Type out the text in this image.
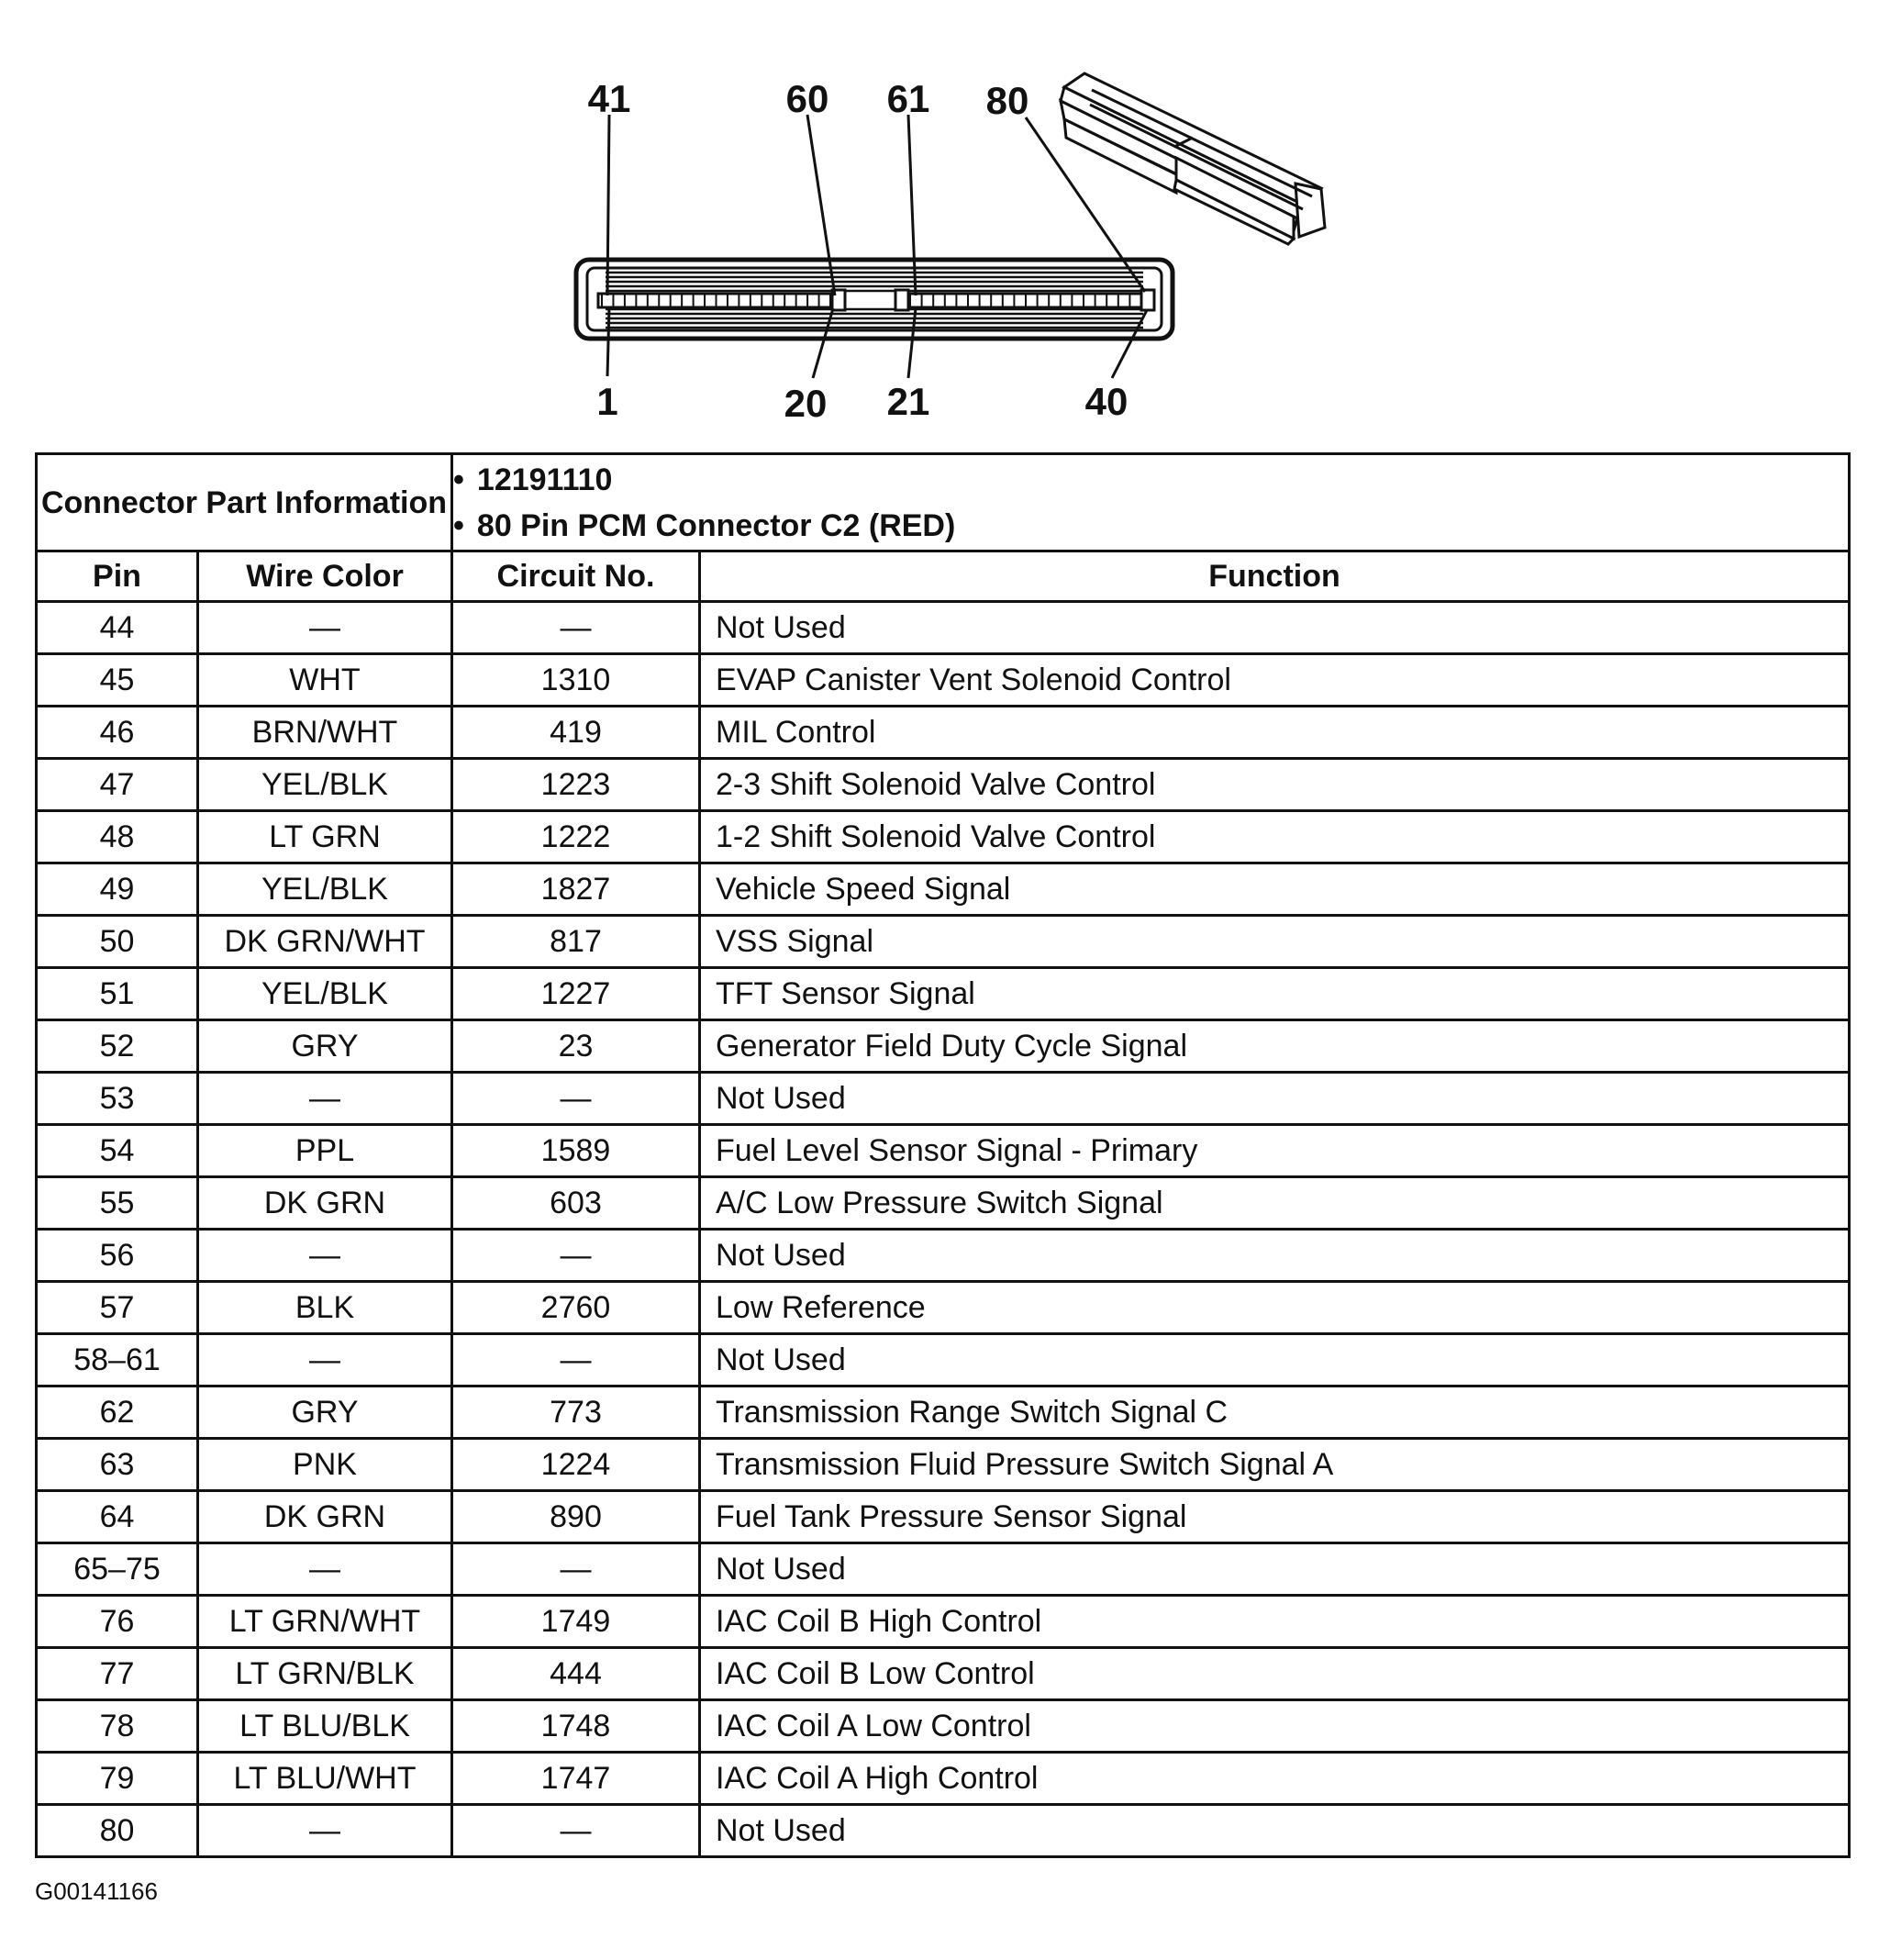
41	60 61 80
1	20 21	40
Connector Part Information		• 12191110
• 80 Pin PCM Connector C2 (RED)

Pin	Wire Color	Circuit No.	Function
44	—	—	Not Used
45	WHT	1310	EVAP Canister Vent Solenoid Control
46	BRN/WHT	419	MIL Control
47	YEL/BLK	1223	2-3 Shift Solenoid Valve Control
48	LT GRN	1222	1-2 Shift Solenoid Valve Control
49	YEL/BLK	1827	Vehicle Speed Signal
50	DK GRN/WHT	817	VSS Signal
51	YEL/BLK	1227	TFT Sensor Signal
52	GRY	23	Generator Field Duty Cycle Signal
53	—	—	Not Used
54	PPL	1589	Fuel Level Sensor Signal - Primary
55	DK GRN	603	A/C Low Pressure Switch Signal
56	—	—	Not Used
57	BLK	2760	Low Reference
58–61	—	—	Not Used
62	GRY	773	Transmission Range Switch Signal C
63	PNK	1224	Transmission Fluid Pressure Switch Signal A
64	DK GRN	890	Fuel Tank Pressure Sensor Signal
65–75	—	—	Not Used
76	LT GRN/WHT	1749	IAC Coil B High Control
77	LT GRN/BLK	444	IAC Coil B Low Control
78	LT BLU/BLK	1748	IAC Coil A Low Control
79	LT BLU/WHT	1747	IAC Coil A High Control
80	—	—	Not Used
G00141166
